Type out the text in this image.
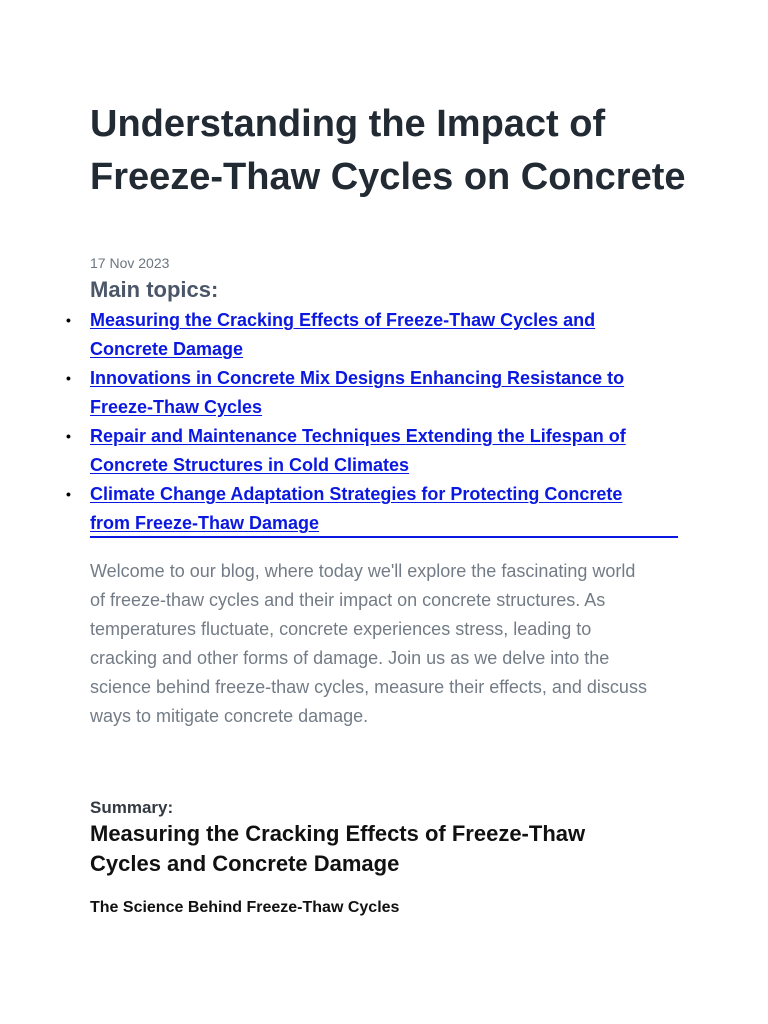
Understanding the Impact of Freeze-Thaw Cycles on Concrete
17 Nov 2023
Main topics:
• Measuring the Cracking Effects of Freeze-Thaw Cycles and
Concrete Damage
• Innovations in Concrete Mix Designs Enhancing Resistance to
Freeze-Thaw Cycles
• Repair and Maintenance Techniques Extending the Lifespan of
Concrete Structures in Cold Climates
• Climate Change Adaptation Strategies for Protecting Concrete
from Freeze-Thaw Damage

Welcome to our blog, where today we'll explore the fascinating world
of freeze-thaw cycles and their impact on concrete structures. As
temperatures fluctuate, concrete experiences stress, leading to
cracking and other forms of damage. Join us as we delve into the
science behind freeze-thaw cycles, measure their effects, and discuss
ways to mitigate concrete damage.

Summary:
Measuring the Cracking Effects of Freeze-Thaw
Cycles and Concrete Damage
The Science Behind Freeze-Thaw Cycles
